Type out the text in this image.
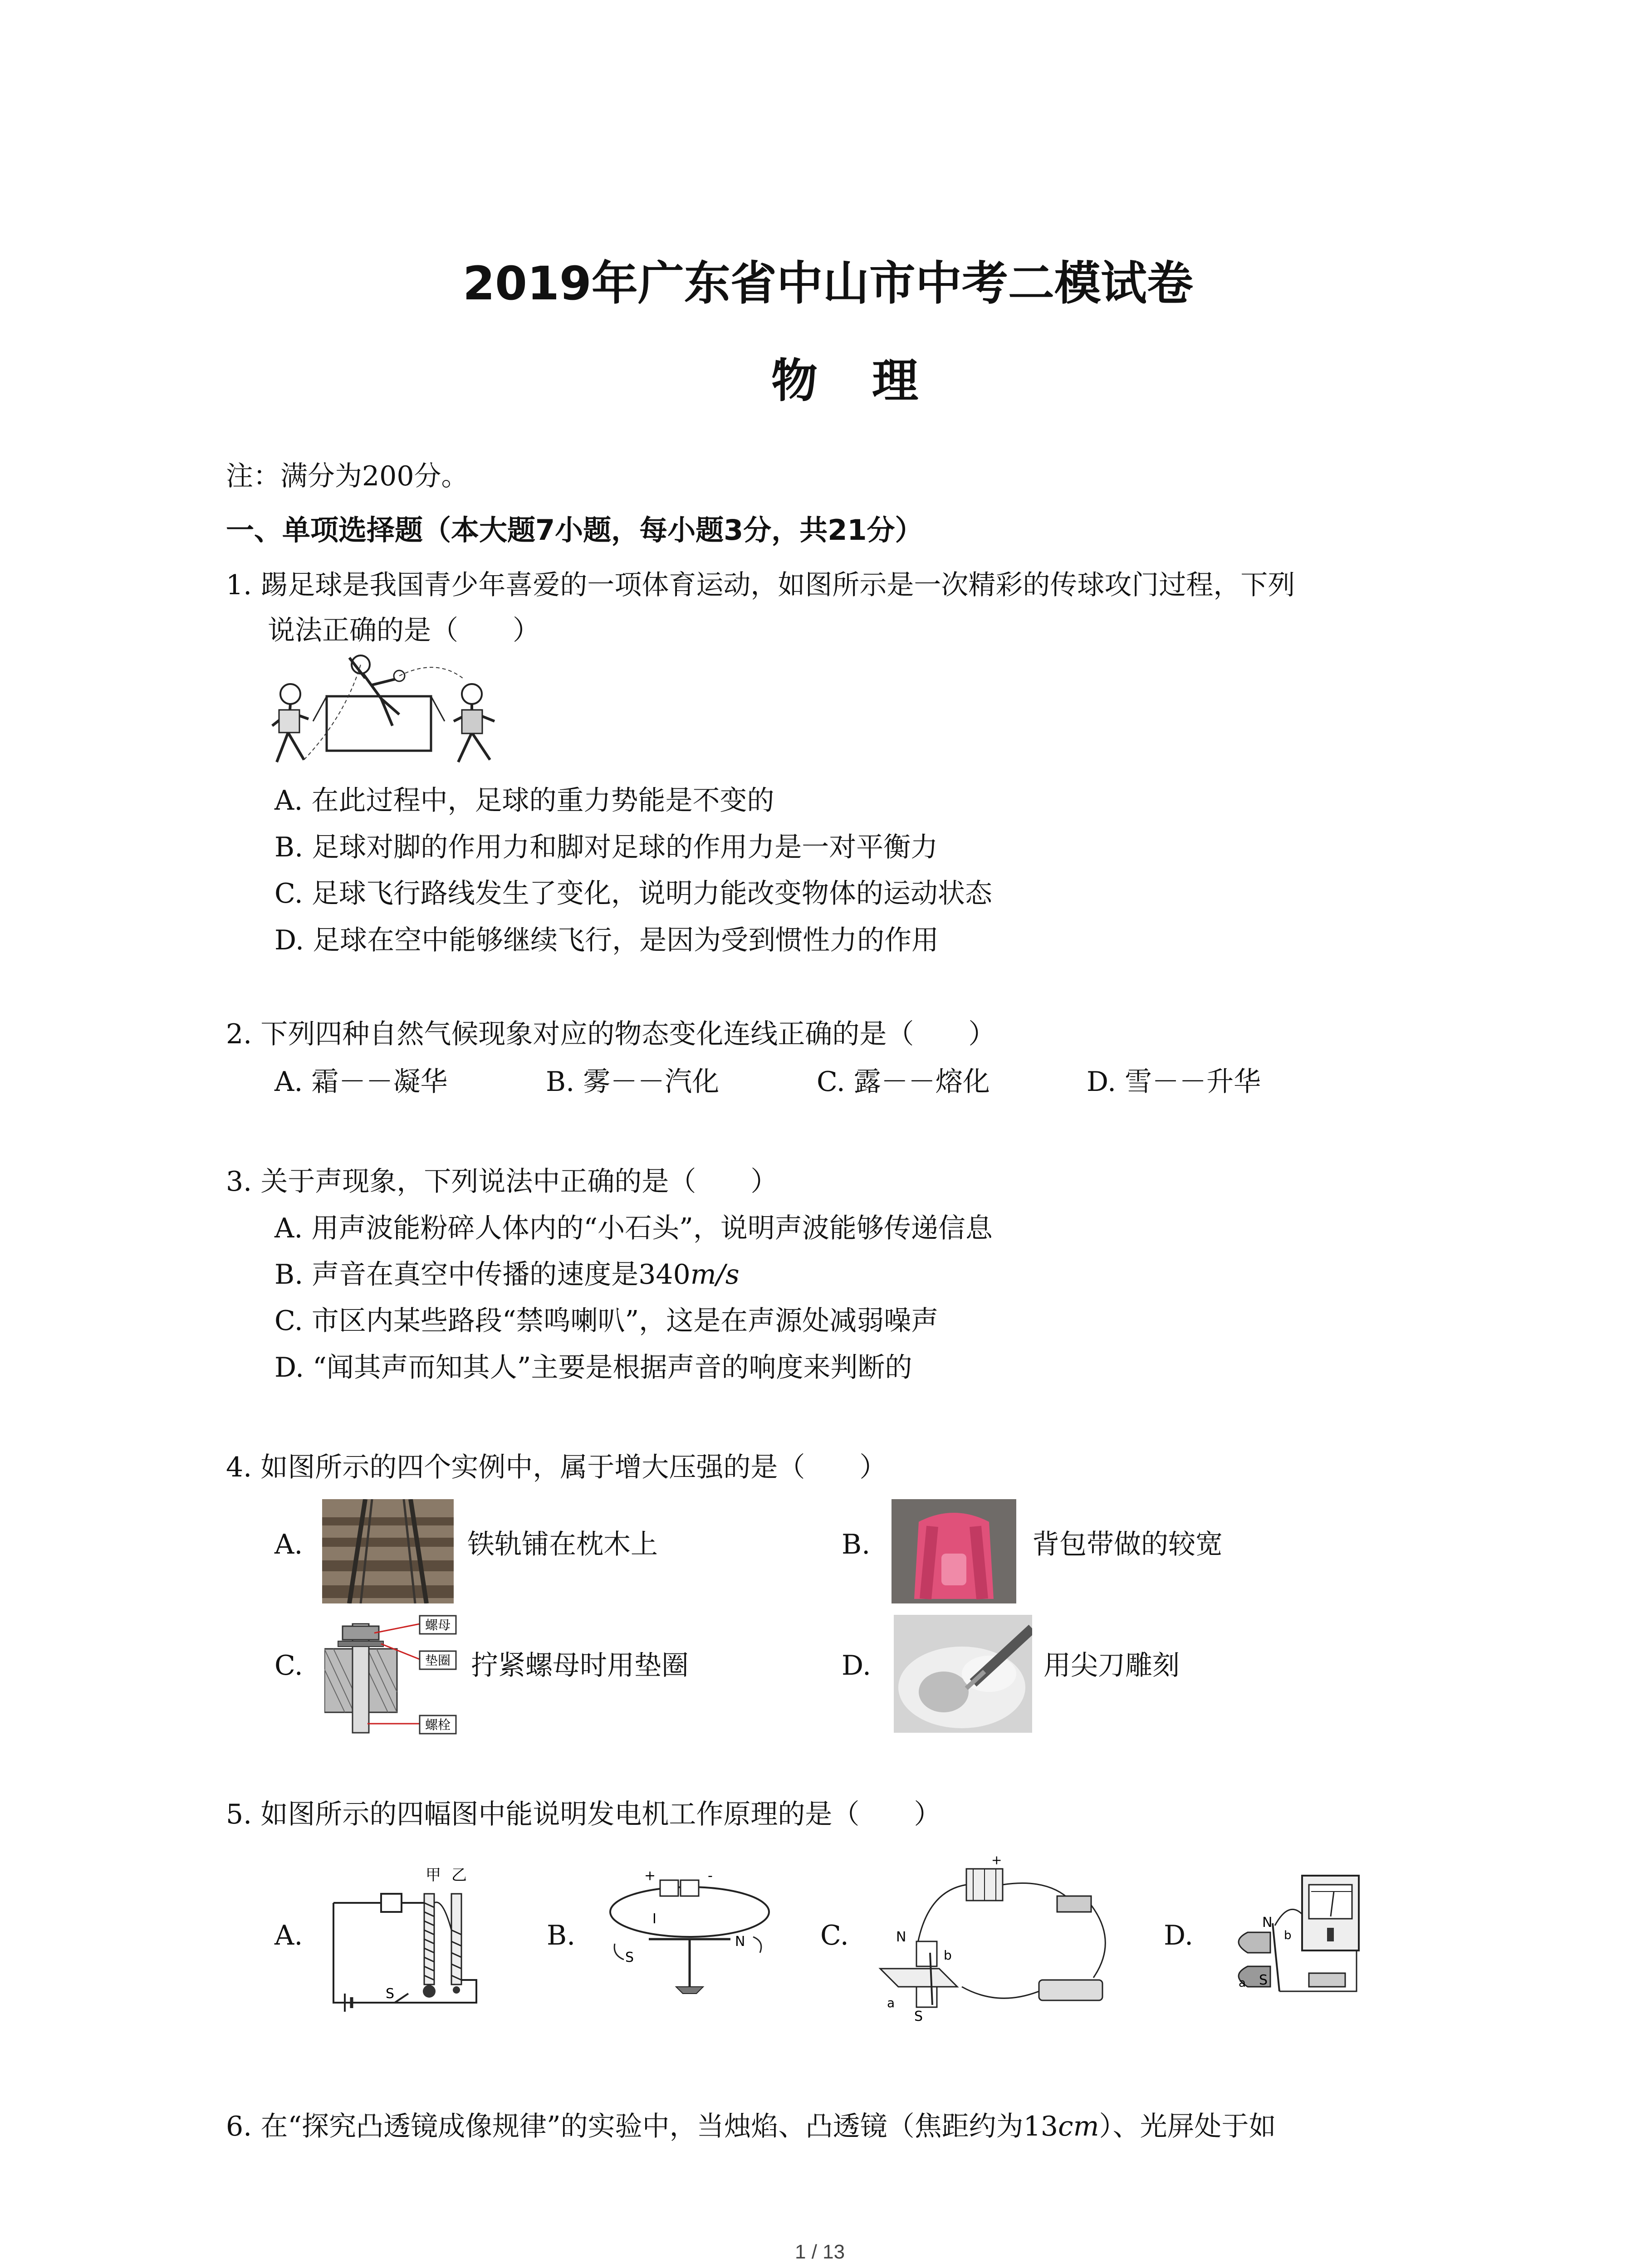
2019年广东省中山市中考二模试卷
物理
注：满分为200分。
一、单项选择题（本大题7小题，每小题3分，共21分）
1. 踢足球是我国青少年喜爱的一项体育运动，如图所示是一次精彩的传球攻门过程，下列
说法正确的是（　　）
A. 在此过程中，足球的重力势能是不变的
B. 足球对脚的作用力和脚对足球的作用力是一对平衡力
C. 足球飞行路线发生了变化，说明力能改变物体的运动状态
D. 足球在空中能够继续飞行，是因为受到惯性力的作用
2. 下列四种自然气候现象对应的物态变化连线正确的是（　　）
A. 霜－－凝华	B. 雾－－汽化	C. 露－－熔化	D. 雪－－升华
3. 关于声现象，下列说法中正确的是（　　）
A. 用声波能粉碎人体内的“小石头”，说明声波能够传递信息
B. 声音在真空中传播的速度是340m/s
C. 市区内某些路段“禁鸣喇叭”，这是在声源处减弱噪声
D. “闻其声而知其人”主要是根据声音的响度来判断的
4. 如图所示的四个实例中，属于增大压强的是（　　）
A.	铁轨铺在枕木上	B.	背包带做的较宽
C.
螺母
垫圈
螺栓
拧紧螺母时用垫圈	D.	用尖刀雕刻
5. 如图所示的四幅图中能说明发电机工作原理的是（　　）
A.
甲 乙
S
B.
+	-
I
S
N	C.
+
N
S
a
b
D.	N
S
a
b
6. 在“探究凸透镜成像规律”的实验中，当烛焰、凸透镜（焦距约为13cm）、光屏处于如
1 / 13
